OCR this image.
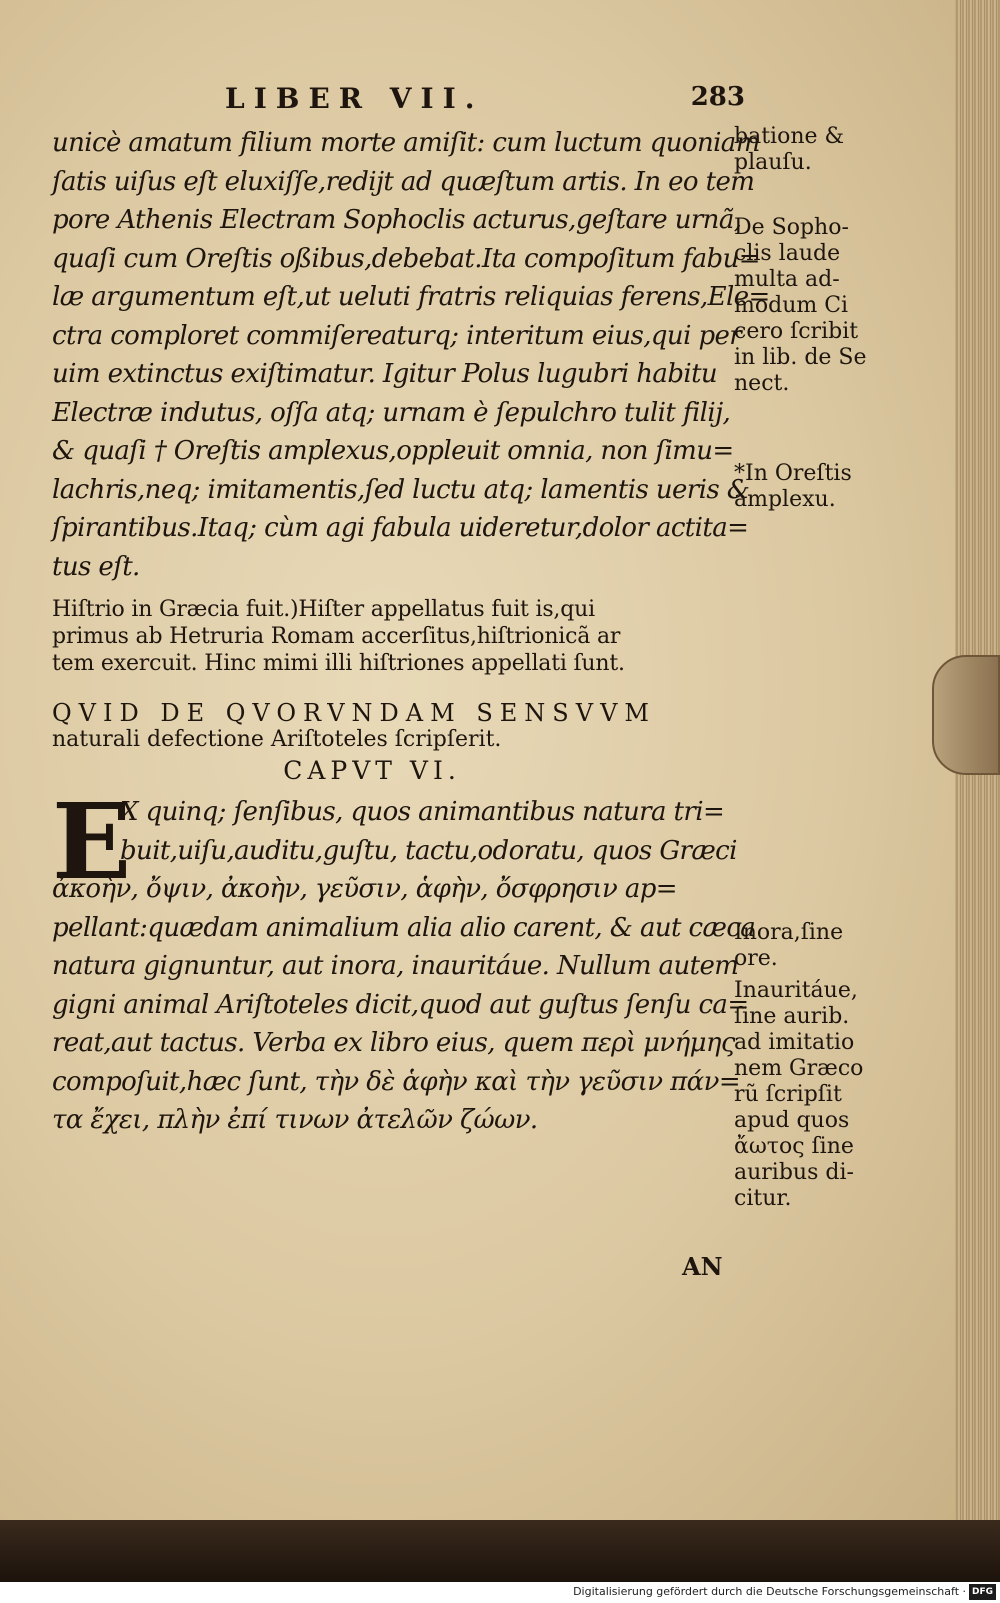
LIBER VII.	283
unicè amatum filium morte amiſit: cum luctum quoniam
ſatis uiſus eſt eluxiſſe,redijt ad quæſtum artis. In eo tem
pore Athenis Electram Sophoclis acturus,geſtare urnã,
quaſi cum Oreſtis oßibus,debebat.Ita compoſitum fabu=
læ argumentum eſt,ut ueluti fratris reliquias ferens,Ele=
ctra comploret commiſereaturq; interitum eius,qui per
uim extinctus exiſtimatur. Igitur Polus lugubri habitu
Electræ indutus, oſſa atq; urnam è ſepulchro tulit filij,
& quaſi † Oreſtis amplexus,oppleuit omnia, non ſimu=
lachris,neq; imitamentis,ſed luctu atq; lamentis ueris &
ſpirantibus.Itaq; cùm agi fabula uideretur,dolor actita=
tus eſt.
Hiſtrio in Græcia fuit.)Hiſter appellatus fuit is,qui
primus ab Hetruria Romam accerſitus,hiſtrionicã ar
tem exercuit. Hinc mimi illi hiſtriones appellati ſunt.
QVID DE QVORVNDAM SENSVVM
naturali defectione Ariſtoteles ſcripſerit.
CAPVT VI.
E
X quinq; ſenſibus, quos animantibus natura tri=
buit,uiſu,auditu,guſtu, tactu,odoratu, quos Græci
ἀκοὴν, ὄψιν, ἀκοὴν, γεῦσιν, ἁφὴν, ὄσφρησιν ap=
pellant:quædam animalium alia alio carent, & aut cæca
natura gignuntur, aut inora, inauritáue. Nullum autem
gigni animal Ariſtoteles dicit,quod aut guſtus ſenſu ca=
reat,aut tactus. Verba ex libro eius, quem περὶ μνήμης
compoſuit,hæc ſunt, τὴν δὲ ἁφὴν καὶ τὴν γεῦσιν πάν=
τα ἔχει, πλὴν ἐπί τινων ἀτελῶν ζώων.
AN
batione &
plauſu.
De Sopho-
clis laude
multa ad-
modum Ci
cero ſcribit
in lib. de Se
nect.
*In Oreſtis
amplexu.
Inora,ſine
ore.
Inauritáue,
ſine aurib.
ad imitatio
nem Græco
rũ ſcripſit
apud quos
ἄωτος ſine
auribus di-
citur.
Digitalisierung gefördert durch die Deutsche Forschungsgemeinschaft · DFG
